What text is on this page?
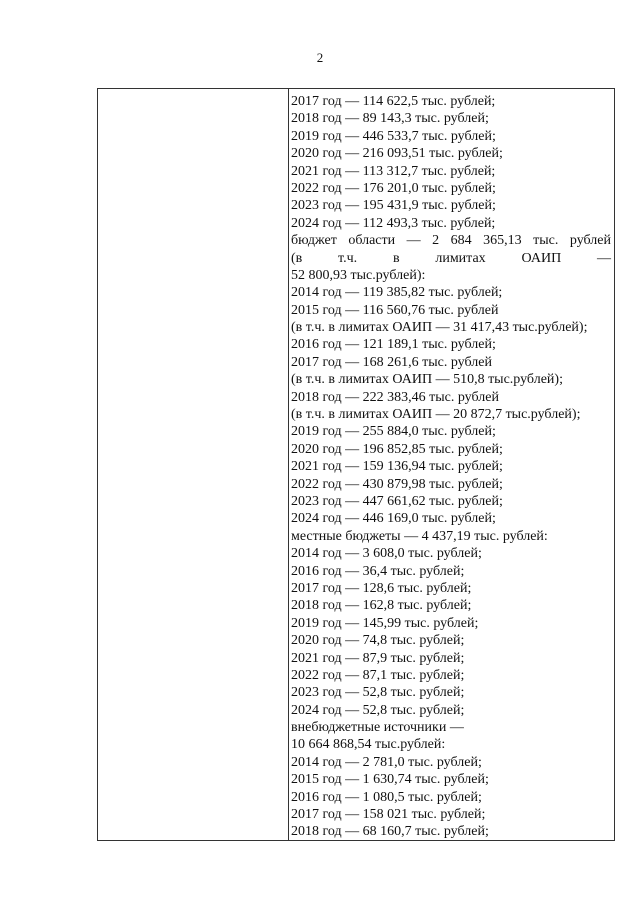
2
2017 год — 114 622,5 тыс. рублей;
2018 год — 89 143,3 тыс. рублей;
2019 год — 446 533,7 тыс. рублей;
2020 год — 216 093,51 тыс. рублей;
2021 год — 113 312,7 тыс. рублей;
2022 год — 176 201,0 тыс. рублей;
2023 год — 195 431,9 тыс. рублей;
2024 год — 112 493,3 тыс. рублей;
бюджет области — 2 684 365,13 тыс. рублей
(в т.ч. в лимитах ОАИП —
52 800,93 тыс.рублей):
2014 год — 119 385,82 тыс. рублей;
2015 год — 116 560,76 тыс. рублей
(в т.ч. в лимитах ОАИП — 31 417,43 тыс.рублей);
2016 год — 121 189,1 тыс. рублей;
2017 год — 168 261,6 тыс. рублей
(в т.ч. в лимитах ОАИП — 510,8 тыс.рублей);
2018 год — 222 383,46 тыс. рублей
(в т.ч. в лимитах ОАИП — 20 872,7 тыс.рублей);
2019 год — 255 884,0 тыс. рублей;
2020 год — 196 852,85 тыс. рублей;
2021 год — 159 136,94 тыс. рублей;
2022 год — 430 879,98 тыс. рублей;
2023 год — 447 661,62 тыс. рублей;
2024 год — 446 169,0 тыс. рублей;
местные бюджеты — 4 437,19 тыс. рублей:
2014 год — 3 608,0 тыс. рублей;
2016 год — 36,4 тыс. рублей;
2017 год — 128,6 тыс. рублей;
2018 год — 162,8 тыс. рублей;
2019 год — 145,99 тыс. рублей;
2020 год — 74,8 тыс. рублей;
2021 год — 87,9 тыс. рублей;
2022 год — 87,1 тыс. рублей;
2023 год — 52,8 тыс. рублей;
2024 год — 52,8 тыс. рублей;
внебюджетные источники —
10 664 868,54 тыс.рублей:
2014 год — 2 781,0 тыс. рублей;
2015 год — 1 630,74 тыс. рублей;
2016 год — 1 080,5 тыс. рублей;
2017 год — 158 021 тыс. рублей;
2018 год — 68 160,7 тыс. рублей;
